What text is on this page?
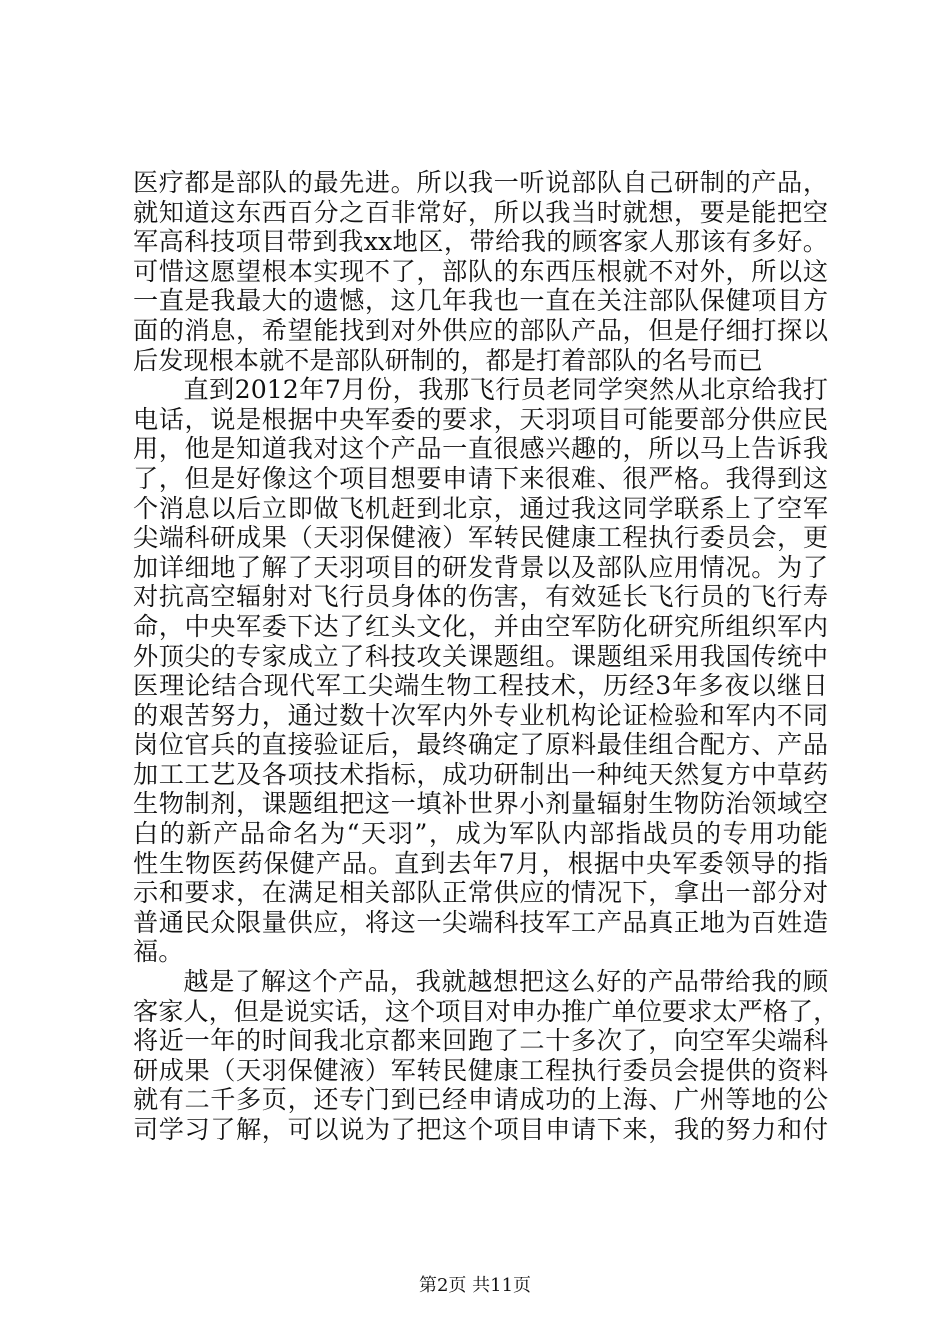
医疗都是部队的最先进。所以我一听说部队自己研制的产品，
就知道这东西百分之百非常好，所以我当时就想，要是能把空
军高科技项目带到我xx地区，带给我的顾客家人那该有多好。
可惜这愿望根本实现不了，部队的东西压根就不对外，所以这
一直是我最大的遗憾，这几年我也一直在关注部队保健项目方
面的消息，希望能找到对外供应的部队产品，但是仔细打探以
后发现根本就不是部队研制的，都是打着部队的名号而已
直到2012年7月份，我那飞行员老同学突然从北京给我打
电话，说是根据中央军委的要求，天羽项目可能要部分供应民
用，他是知道我对这个产品一直很感兴趣的，所以马上告诉我
了，但是好像这个项目想要申请下来很难、很严格。我得到这
个消息以后立即做飞机赶到北京，通过我这同学联系上了空军
尖端科研成果（天羽保健液）军转民健康工程执行委员会，更
加详细地了解了天羽项目的研发背景以及部队应用情况。为了
对抗高空辐射对飞行员身体的伤害，有效延长飞行员的飞行寿
命，中央军委下达了红头文化，并由空军防化研究所组织军内
外顶尖的专家成立了科技攻关课题组。课题组采用我国传统中
医理论结合现代军工尖端生物工程技术，历经3年多夜以继日
的艰苦努力，通过数十次军内外专业机构论证检验和军内不同
岗位官兵的直接验证后，最终确定了原料最佳组合配方、产品
加工工艺及各项技术指标，成功研制出一种纯天然复方中草药
生物制剂，课题组把这一填补世界小剂量辐射生物防治领域空
白的新产品命名为“天羽”，成为军队内部指战员的专用功能
性生物医药保健产品。直到去年7月，根据中央军委领导的指
示和要求，在满足相关部队正常供应的情况下，拿出一部分对
普通民众限量供应，将这一尖端科技军工产品真正地为百姓造
福。
越是了解这个产品，我就越想把这么好的产品带给我的顾
客家人，但是说实话，这个项目对申办推广单位要求太严格了，
将近一年的时间我北京都来回跑了二十多次了，向空军尖端科
研成果（天羽保健液）军转民健康工程执行委员会提供的资料
就有二千多页，还专门到已经申请成功的上海、广州等地的公
司学习了解，可以说为了把这个项目申请下来，我的努力和付
第2页 共11页
